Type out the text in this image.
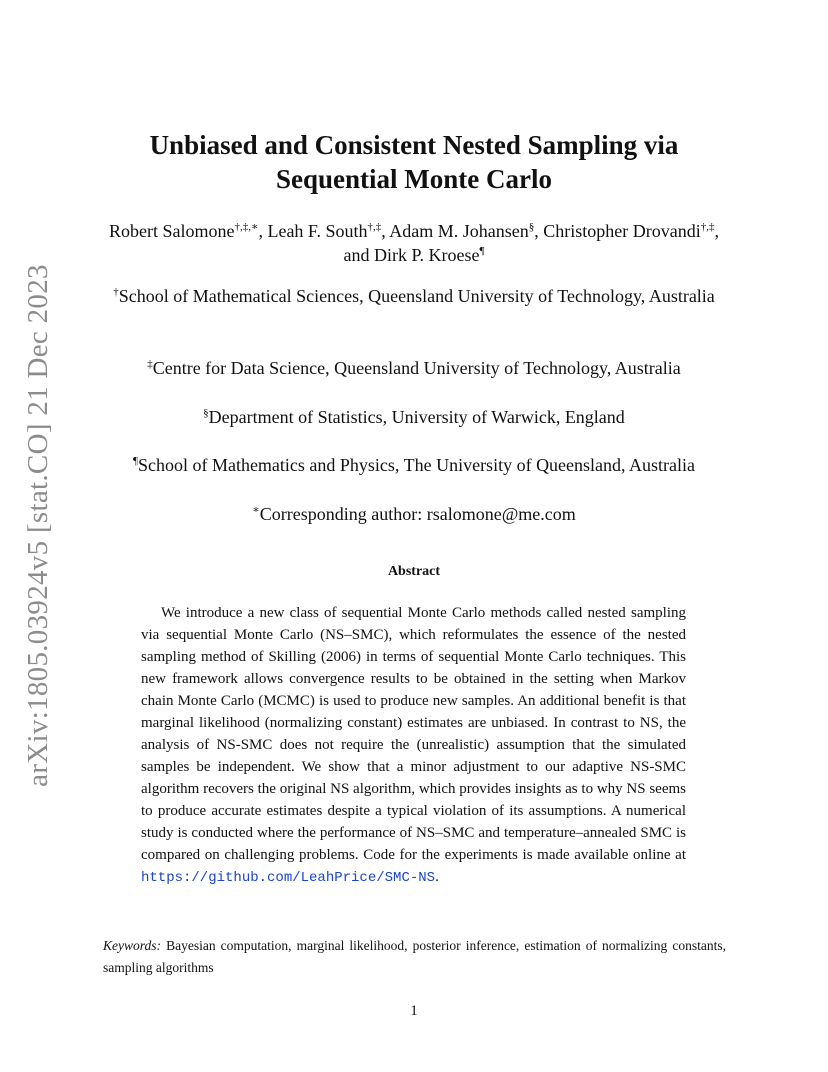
arXiv:1805.03924v5 [stat.CO] 21 Dec 2023
Unbiased and Consistent Nested Sampling via
Sequential Monte Carlo
Robert Salomone†,‡,∗, Leah F. South†,‡, Adam M. Johansen§, Christopher Drovandi†,‡, and Dirk P. Kroese¶
†School of Mathematical Sciences, Queensland University of Technology, Australia
‡Centre for Data Science, Queensland University of Technology, Australia
§Department of Statistics, University of Warwick, England
¶School of Mathematics and Physics, The University of Queensland, Australia
∗Corresponding author: rsalomone@me.com
Abstract
We introduce a new class of sequential Monte Carlo methods called nested sampling via sequential Monte Carlo (NS–SMC), which reformulates the essence of the nested sampling method of Skilling (2006) in terms of sequential Monte Carlo techniques. This new framework allows convergence results to be obtained in the setting when Markov chain Monte Carlo (MCMC) is used to produce new samples. An additional benefit is that marginal likelihood (normalizing constant) estimates are unbiased. In contrast to NS, the analysis of NS-SMC does not require the (unrealistic) assumption that the simulated samples be independent. We show that a minor adjustment to our adaptive NS-SMC algorithm recovers the original NS algorithm, which provides insights as to why NS seems to produce accurate estimates despite a typical violation of its assumptions. A numerical study is conducted where the performance of NS–SMC and temperature–annealed SMC is compared on challenging problems. Code for the experiments is made available online at https://github.com/LeahPrice/SMC-NS.
Keywords: Bayesian computation, marginal likelihood, posterior inference, estimation of normalizing constants, sampling algorithms
1
